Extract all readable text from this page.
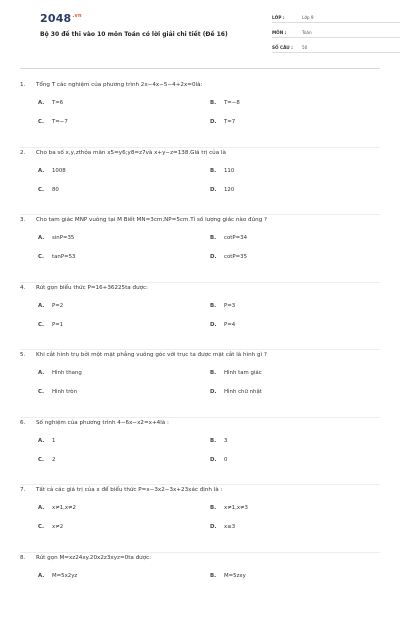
$2048^{.vn}$
Bộ 30 đề thi vào 10 môn Toán có lời giải chi tiết (Đề 16)
LỚP :	Lớp 9
MÔN :	Toán
SỐ CÂU :	50
1. Tổng T các nghiệm của phương trình 2x−4x−5−4+2x=0là:
A. T=6	B. T=−8
C. T=−7	D. T=7
2. Cho ba số x,y,zthỏa mãn x5=y6;y8=z7và x+y−z=138.Giá trị của là
A. 1008	B. 110
C. 80	D. 120
3. Cho tam giác MNP vuông tại M Biết MN=3cm,NP=5cm.Tỉ số lượng giác nào đúng ?
A. sinP=35	B. cotP=34
C. tanP=53	D. cotP=35
4. Rút gọn biểu thức P=16+36225ta được:
A. P=2	B. P=3
C. P=1	D. P=4
5. Khi cắt hình trụ bởi một mặt phẳng vuông góc với trục ta được mặt cắt là hình gì ?
A. Hình thang	B. Hình tam giác
C. Hình tròn	D. Hình chữ nhật
6. Số nghiệm của phương trình 4−6x−x2=x+4là :
A. 1	B. 3
C. 2	D. 0
7. Tất cả các giá trị của x để biểu thức P=x−3x2−3x+23xác định là :
A. x≠1,x≠2	B. x≠1,x≠3
C. x≠2	D. x≥3
8. Rút gọn M=xz24xy.20x2z3xyz=0ta được:
A. M=5x2yz	B. M=5zxy
